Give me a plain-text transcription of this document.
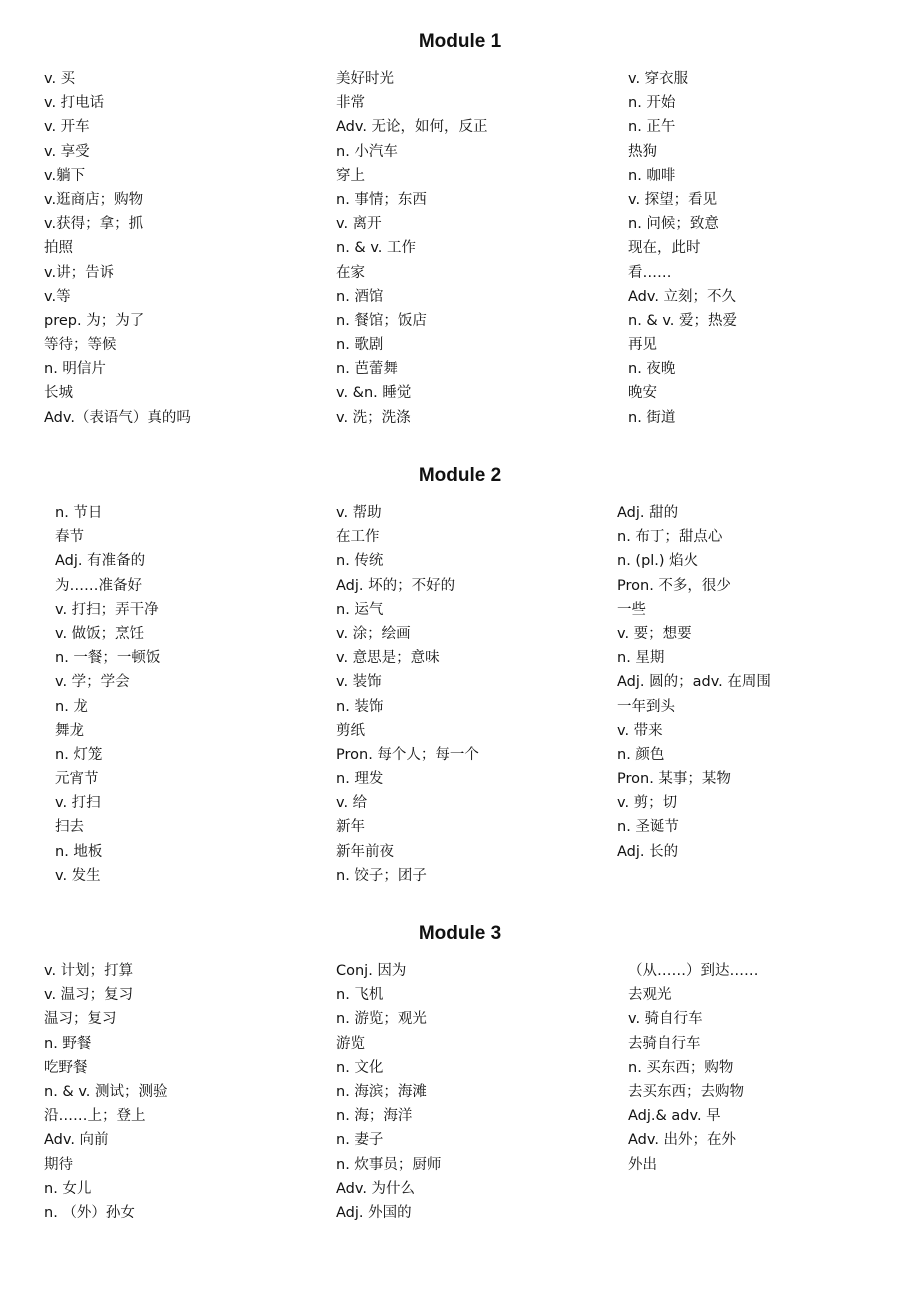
Module 1
v. 买
v. 打电话
v. 开车
v. 享受
v.躺下
v.逛商店；购物
v.获得；拿；抓
拍照
v.讲；告诉
v.等
prep. 为；为了
等待；等候
n. 明信片
长城
Adv.（表语气）真的吗
美好时光
非常
Adv. 无论，如何，反正
n. 小汽车
穿上
n. 事情；东西
v. 离开
n. & v. 工作
在家
n. 酒馆
n. 餐馆；饭店
n. 歌剧
n. 芭蕾舞
v. &n. 睡觉
v. 洗；洗涤
v. 穿衣服
n. 开始
n. 正午
热狗
n. 咖啡
v. 探望；看见
n. 问候；致意
现在，此时
看……
Adv. 立刻；不久
n. & v. 爱；热爱
再见
n. 夜晚
晚安
n. 街道
Module 2
n. 节日
春节
Adj. 有准备的
为……准备好
v. 打扫；弄干净
v. 做饭；烹饪
n. 一餐；一顿饭
v. 学；学会
n. 龙
舞龙
n. 灯笼
元宵节
v. 打扫
扫去
n. 地板
v. 发生
v. 帮助
在工作
n. 传统
Adj. 坏的；不好的
n. 运气
v. 涂；绘画
v. 意思是；意味
v. 装饰
n. 装饰
剪纸
Pron. 每个人；每一个
n. 理发
v. 给
新年
新年前夜
n. 饺子；团子
Adj. 甜的
n. 布丁；甜点心
n. (pl.) 焰火
Pron. 不多，很少
一些
v. 要；想要
n. 星期
Adj. 圆的；adv. 在周围
一年到头
v. 带来
n. 颜色
Pron. 某事；某物
v. 剪；切
n. 圣诞节
Adj. 长的
Module 3
v. 计划；打算
v. 温习；复习
温习；复习
n. 野餐
吃野餐
n. & v. 测试；测验
沿……上；登上
Adv. 向前
期待
n. 女儿
n. （外）孙女
Conj. 因为
n. 飞机
n. 游览；观光
游览
n. 文化
n. 海滨；海滩
n. 海；海洋
n. 妻子
n. 炊事员；厨师
Adv. 为什么
Adj. 外国的
（从……）到达……
去观光
v. 骑自行车
去骑自行车
n. 买东西；购物
去买东西；去购物
Adj.& adv. 早
Adv. 出外；在外
外出
